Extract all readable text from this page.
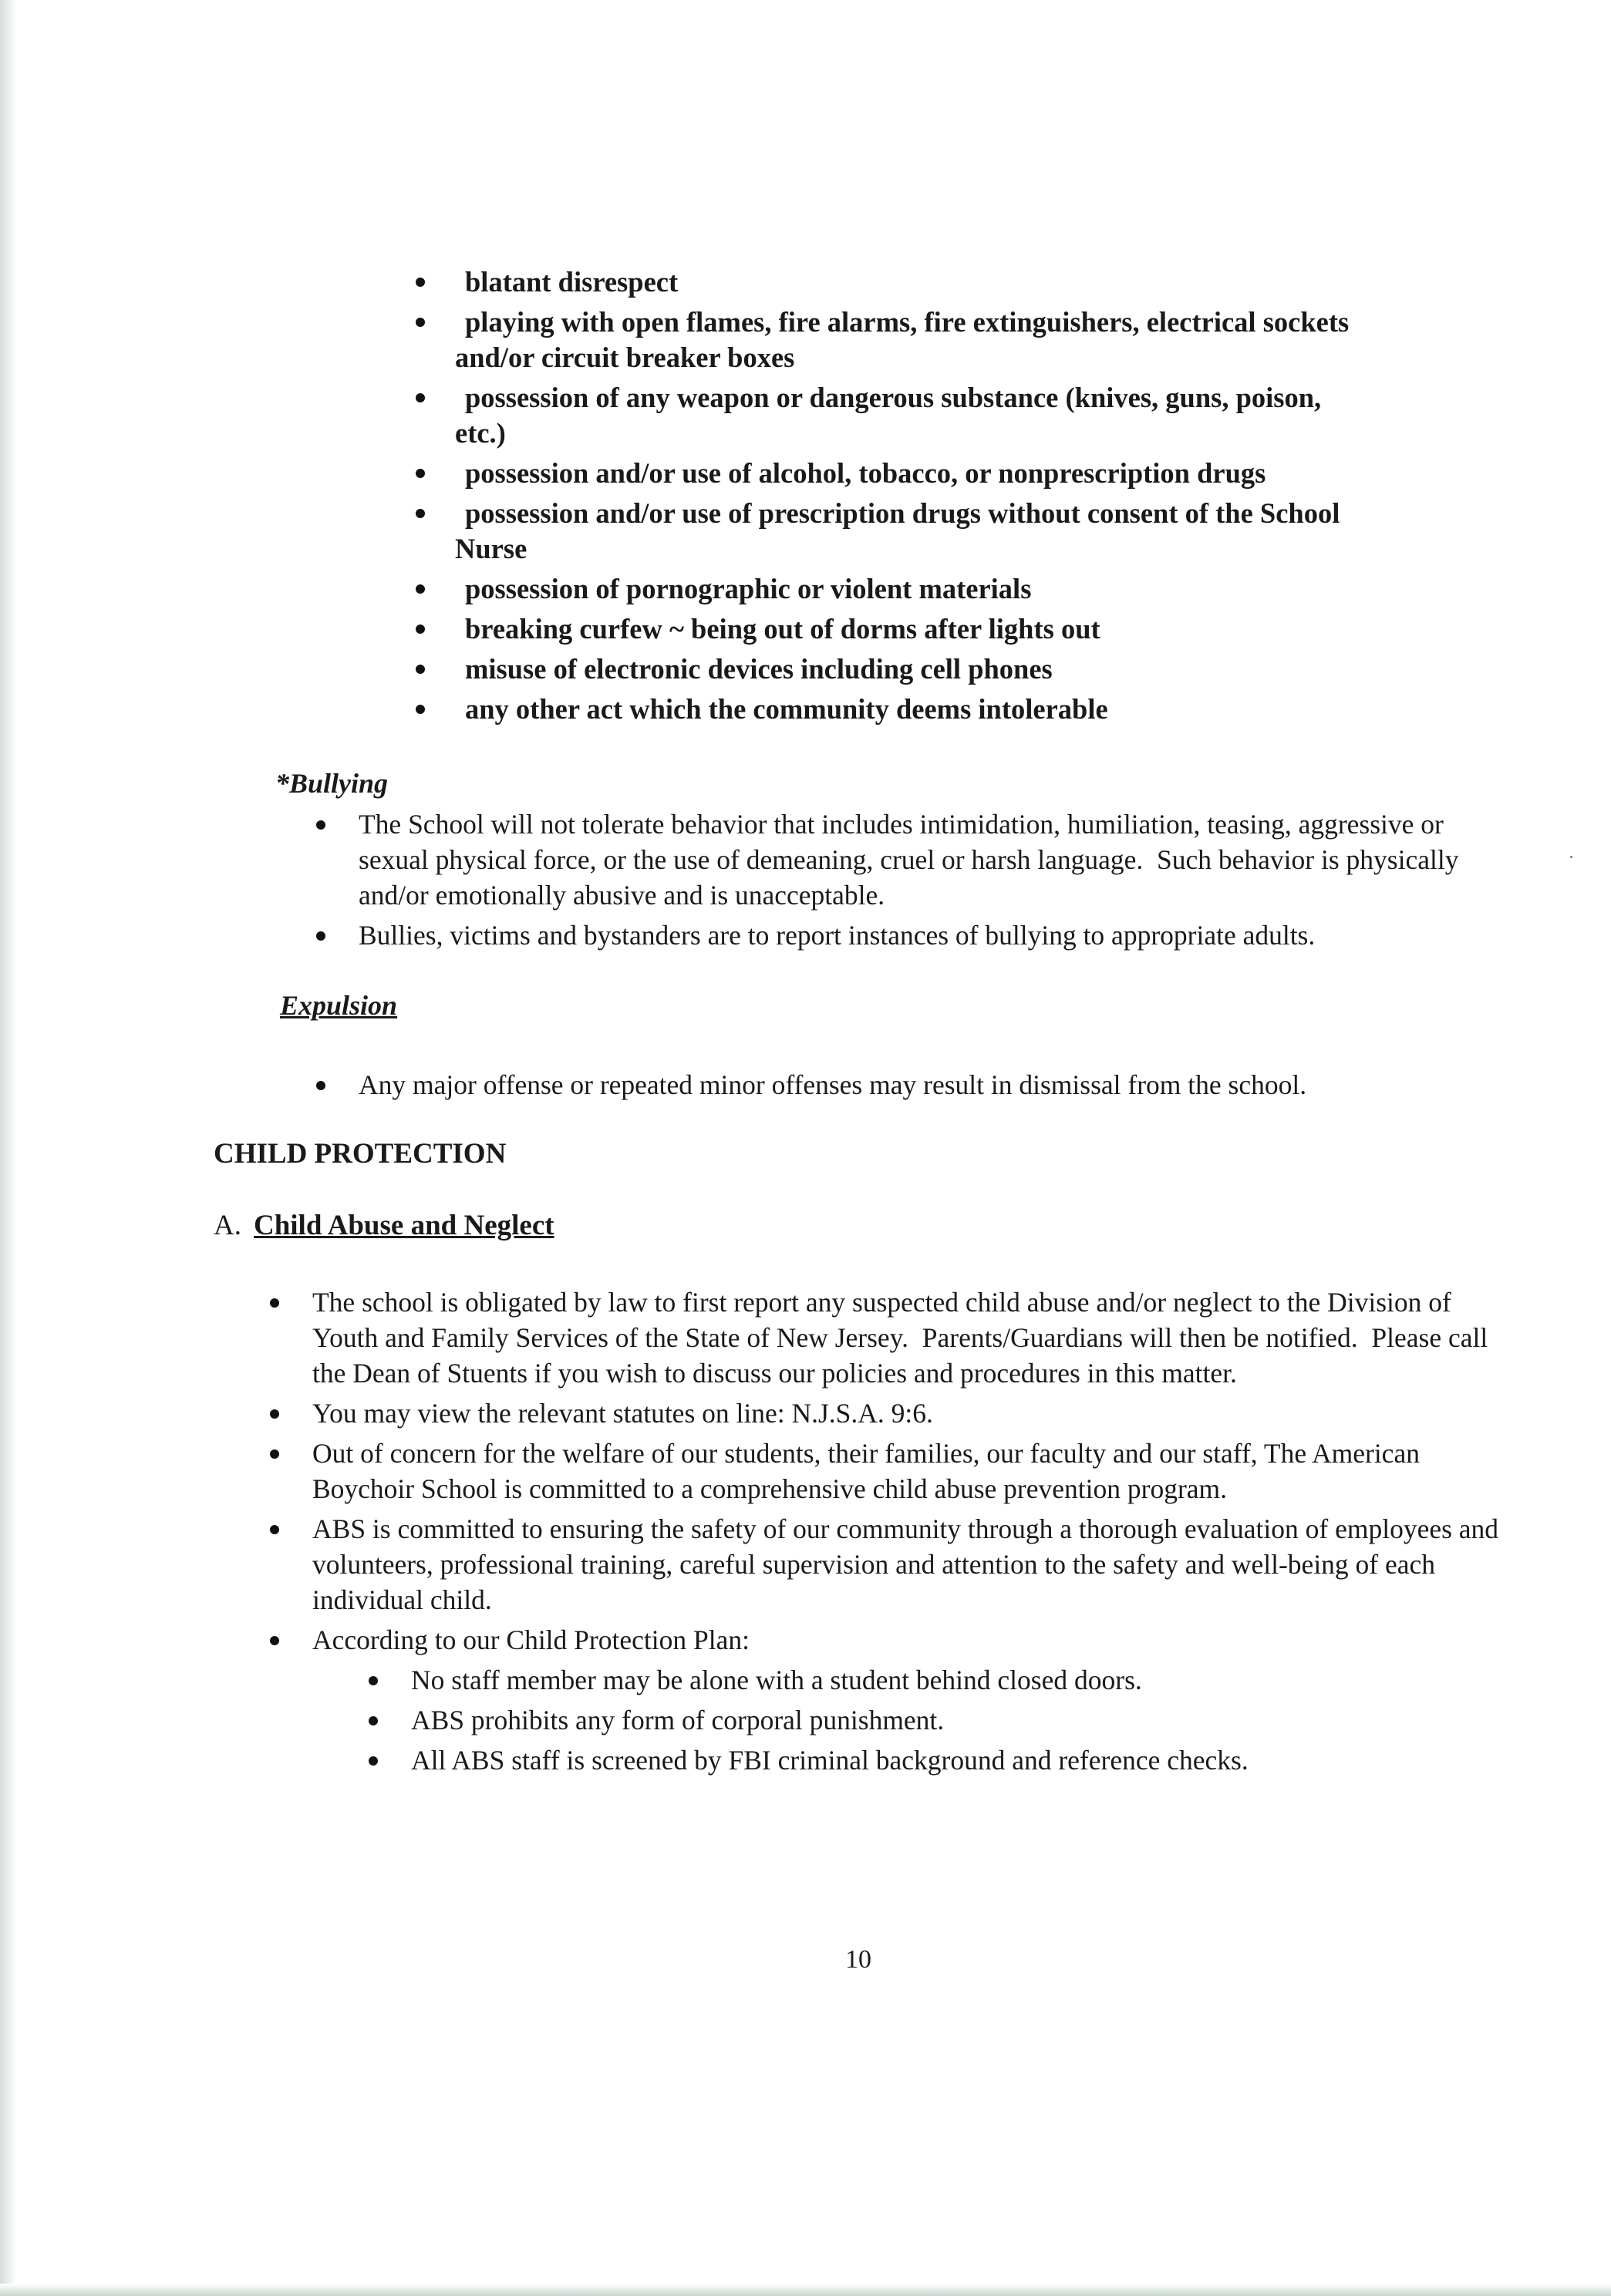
blatant disrespect
playing with open flames, fire alarms, fire extinguishers, electrical sockets and/or circuit breaker boxes
possession of any weapon or dangerous substance (knives, guns, poison, etc.)
possession and/or use of alcohol, tobacco, or nonprescription drugs
possession and/or use of prescription drugs without consent of the School  Nurse
possession of pornographic or violent materials
breaking curfew ~ being out of dorms after lights out
misuse of electronic devices including cell phones
any other act which the community deems intolerable
*Bullying
The School will not tolerate behavior that includes intimidation, humiliation, teasing, aggressive or sexual physical force, or the use of demeaning, cruel or harsh language.  Such behavior is physically and/or emotionally abusive and is unacceptable.
Bullies, victims and bystanders are to report instances of bullying to appropriate adults.
Expulsion
Any major offense or repeated minor offenses may result in dismissal from the school.
CHILD PROTECTION
A. Child Abuse and Neglect
The school is obligated by law to first report any suspected child abuse and/or neglect to the Division of Youth and Family Services of the State of New Jersey.  Parents/Guardians will then be notified.  Please call the Dean of Stuents if you wish to discuss our policies and procedures in this matter.
You may view the relevant statutes on line: N.J.S.A. 9:6.
Out of concern for the welfare of our students, their families, our faculty and our staff, The American Boychoir School is committed to a comprehensive child abuse prevention program.
ABS is committed to ensuring the safety of our community through a thorough evaluation of employees and volunteers, professional training, careful supervision and attention to the safety and well-being of each individual child.
According to our Child Protection Plan:
No staff member may be alone with a student behind closed doors.
ABS prohibits any form of corporal punishment.
All ABS staff is screened by FBI criminal background and reference checks.

10
